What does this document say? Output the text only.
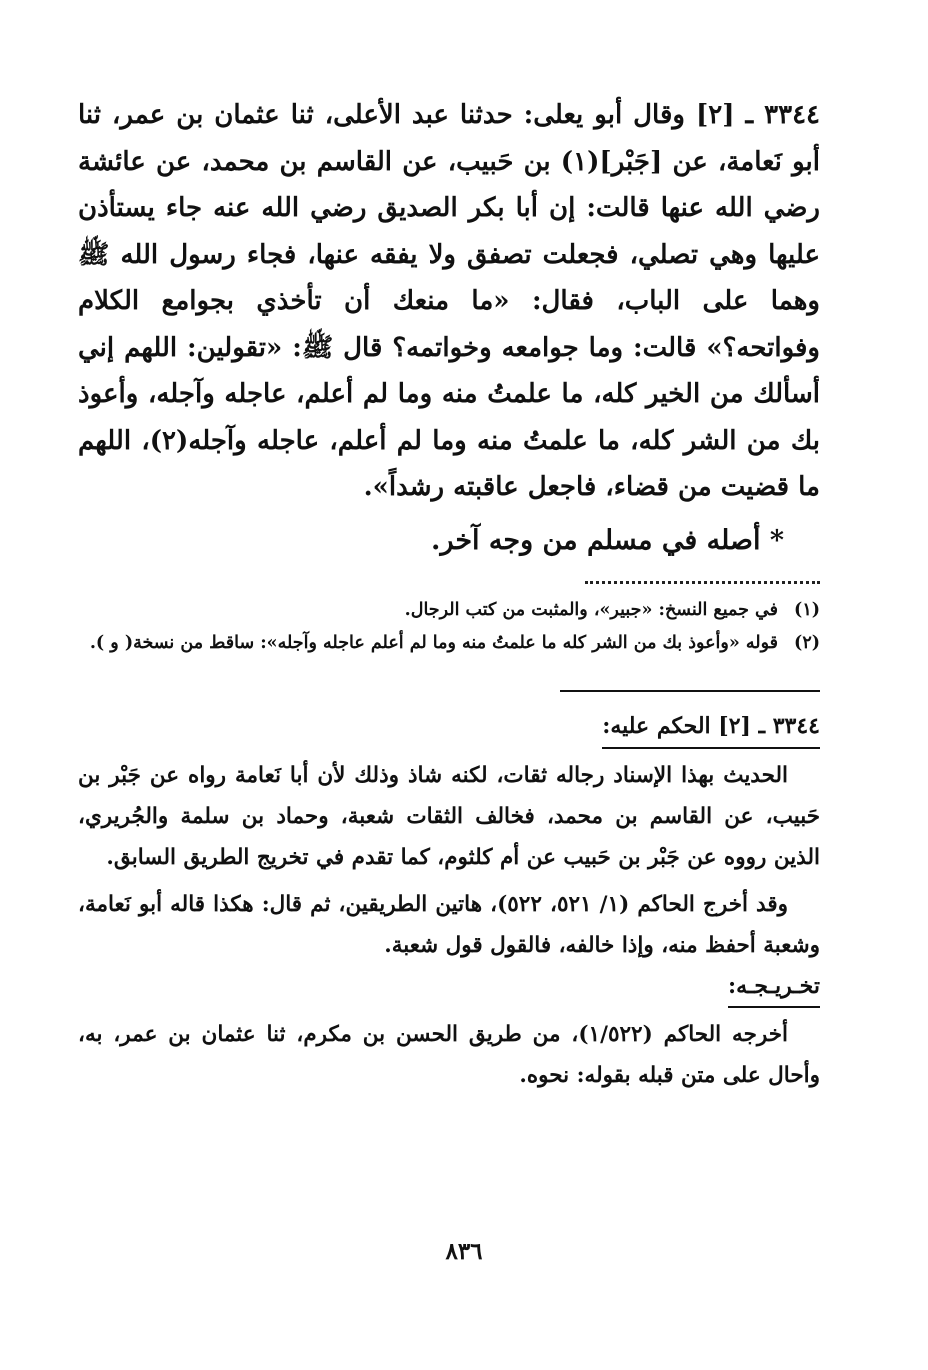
٣٣٤٤ ـ [٢] وقال أبو يعلى: حدثنا عبد الأعلى، ثنا عثمان بن عمر، ثنا أبو نَعامة، عن [جَبْر](١) بن حَبيب، عن القاسم بن محمد، عن عائشة رضي الله عنها قالت: إن أبا بكر الصديق رضي الله عنه جاء يستأذن عليها وهي تصلي، فجعلت تصفق ولا يفقه عنها، فجاء رسول الله ﷺ وهما على الباب، فقال: «ما منعك أن تأخذي بجوامع الكلام وفواتحه؟» قالت: وما جوامعه وخواتمه؟ قال ﷺ: «تقولين: اللهم إني أسألك من الخير كله، ما علمتُ منه وما لم أعلم، عاجله وآجله، وأعوذ بك من الشر كله، ما علمتُ منه وما لم أعلم، عاجله وآجله(٢)، اللهم ما قضيت من قضاء، فاجعل عاقبته رشداً».

* أصله في مسلم من وجه آخر.
(١)
في جميع النسخ: «جبير»، والمثبت من كتب الرجال.
(٢)
قوله «وأعوذ بك من الشر كله ما علمتُ منه وما لم أعلم عاجله وآجله»: ساقط من نسخة( و ).
٣٣٤٤ ـ [٢] الحكم عليه:

الحديث بهذا الإسناد رجاله ثقات، لكنه شاذ وذلك لأن أبا نَعامة رواه عن جَبْر بن حَبيب، عن القاسم بن محمد، فخالف الثقات شعبة، وحماد بن سلمة والجُريري، الذين رووه عن جَبْر بن حَبيب عن أم كلثوم، كما تقدم في تخريج الطريق السابق.

وقد أخرج الحاكم (١/ ٥٢١، ٥٢٢)، هاتين الطريقين، ثم قال: هكذا قاله أبو نَعامة، وشعبة أحفظ منه، وإذا خالفه، فالقول قول شعبة.

تخـريـجـه:

أخرجه الحاكم (١/٥٢٢)، من طريق الحسن بن مكرم، ثنا عثمان بن عمر، به، وأحال على متن قبله بقوله: نحوه.

٨٣٦
